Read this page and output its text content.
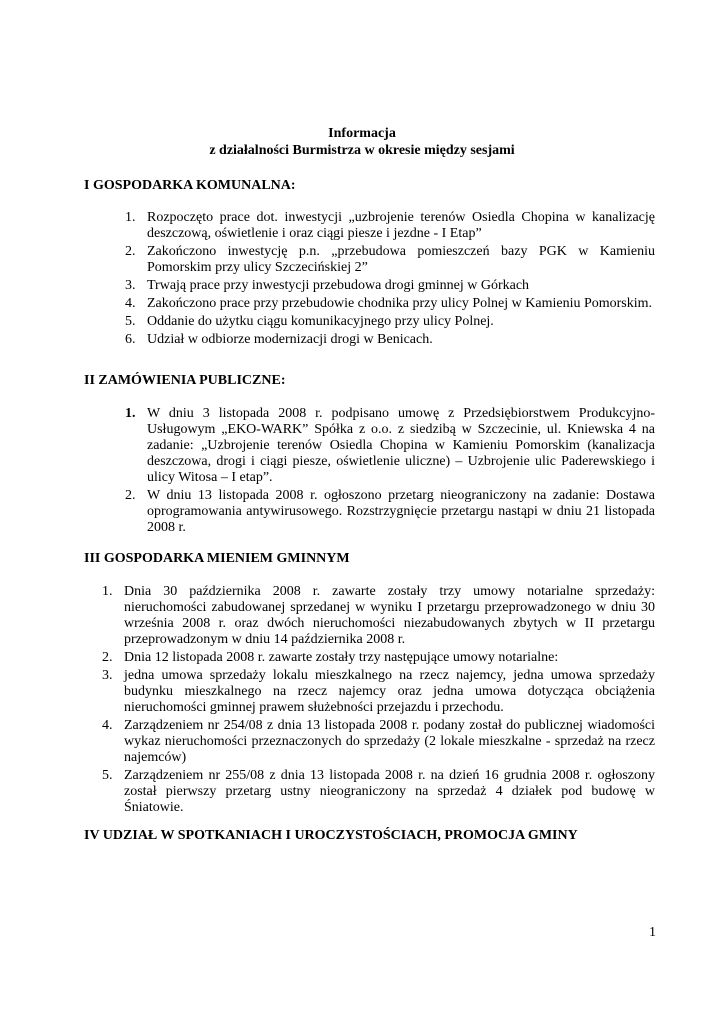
Informacja
z działalności Burmistrza w okresie między sesjami
I GOSPODARKA KOMUNALNA:
1. Rozpoczęto prace dot. inwestycji „uzbrojenie terenów Osiedla Chopina w kanalizację deszczową, oświetlenie i oraz ciągi piesze i jezdne - I Etap”
2. Zakończono inwestycję p.n. „przebudowa pomieszczeń bazy PGK w Kamieniu Pomorskim przy ulicy Szczecińskiej 2”
3. Trwają prace przy inwestycji przebudowa drogi gminnej w Górkach
4. Zakończono prace przy przebudowie chodnika przy ulicy Polnej w Kamieniu Pomorskim.
5. Oddanie do użytku ciągu komunikacyjnego przy ulicy Polnej.
6. Udział w odbiorze modernizacji drogi w Benicach.
II ZAMÓWIENIA PUBLICZNE:
1. W dniu 3 listopada 2008 r. podpisano umowę z Przedsiębiorstwem Produkcyjno-Usługowym „EKO-WARK” Spółka z o.o. z siedzibą w Szczecinie, ul. Kniewska 4 na zadanie: „Uzbrojenie terenów Osiedla Chopina w Kamieniu Pomorskim (kanalizacja deszczowa, drogi i ciągi piesze, oświetlenie uliczne) – Uzbrojenie ulic Paderewskiego i ulicy Witosa – I etap”.
2. W dniu 13 listopada 2008 r. ogłoszono przetarg nieograniczony na zadanie: Dostawa oprogramowania antywirusowego. Rozstrzygnięcie przetargu nastąpi w dniu 21 listopada 2008 r.
III GOSPODARKA MIENIEM GMINNYM
1. Dnia 30 października 2008 r. zawarte zostały trzy umowy notarialne sprzedaży: nieruchomości zabudowanej sprzedanej w wyniku I przetargu przeprowadzonego w dniu 30 września 2008 r. oraz dwóch nieruchomości niezabudowanych zbytych w II przetargu przeprowadzonym w dniu 14 października 2008 r.
2. Dnia 12 listopada 2008 r. zawarte zostały trzy następujące umowy notarialne:
3. jedna umowa sprzedaży lokalu mieszkalnego na rzecz najemcy, jedna umowa sprzedaży budynku mieszkalnego na rzecz najemcy oraz jedna umowa dotycząca obciążenia nieruchomości gminnej prawem służebności przejazdu i przechodu.
4. Zarządzeniem nr 254/08 z dnia 13 listopada 2008 r. podany został do publicznej wiadomości wykaz nieruchomości przeznaczonych do sprzedaży (2 lokale mieszkalne - sprzedaż na rzecz najemców)
5. Zarządzeniem nr 255/08 z dnia 13 listopada 2008 r. na dzień 16 grudnia 2008 r. ogłoszony został pierwszy przetarg ustny nieograniczony na sprzedaż 4 działek pod budowę w Śniatowie.
IV UDZIAŁ W SPOTKANIACH I UROCZYSTOŚCIACH, PROMOCJA GMINY
1
